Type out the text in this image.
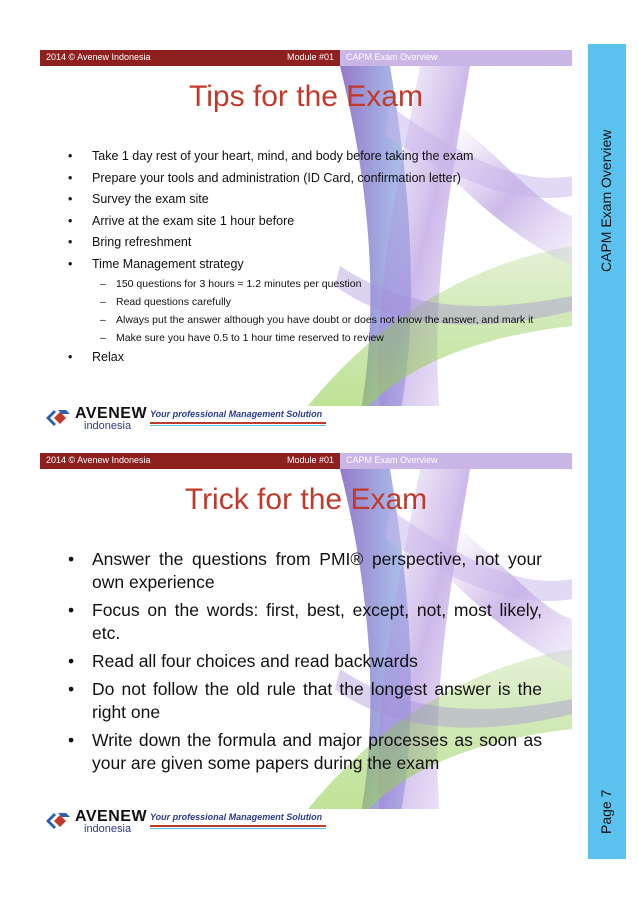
CAPM Exam Overview
Page 7
2014 © Avenew Indonesia	Module #01 CAPM Exam Overview
Tips for the Exam
• Take 1 day rest of your heart, mind, and body before taking the exam
• Prepare your tools and administration (ID Card, confirmation letter)
• Survey the exam site
• Arrive at the exam site 1 hour before
• Bring refreshment
• Time Management strategy
– 150 questions for 3 hours = 1.2 minutes per question
– Read questions carefully
– Always put the answer although you have doubt or does not know the answer, and mark it
– Make sure you have 0.5 to 1 hour time reserved to review
• Relax
AVENEW
indonesia
Your professional Management Solution
2014 © Avenew Indonesia	Module #01 CAPM Exam Overview
Trick for the Exam
• Answer the questions from PMI® perspective, not your own experience
• Focus on the words: first, best, except, not, most likely, etc.
• Read all four choices and read backwards
• Do not follow the old rule that the longest answer is the right one
• Write down the formula and major processes as soon as your are given some papers during the exam
AVENEW
indonesia
Your professional Management Solution
